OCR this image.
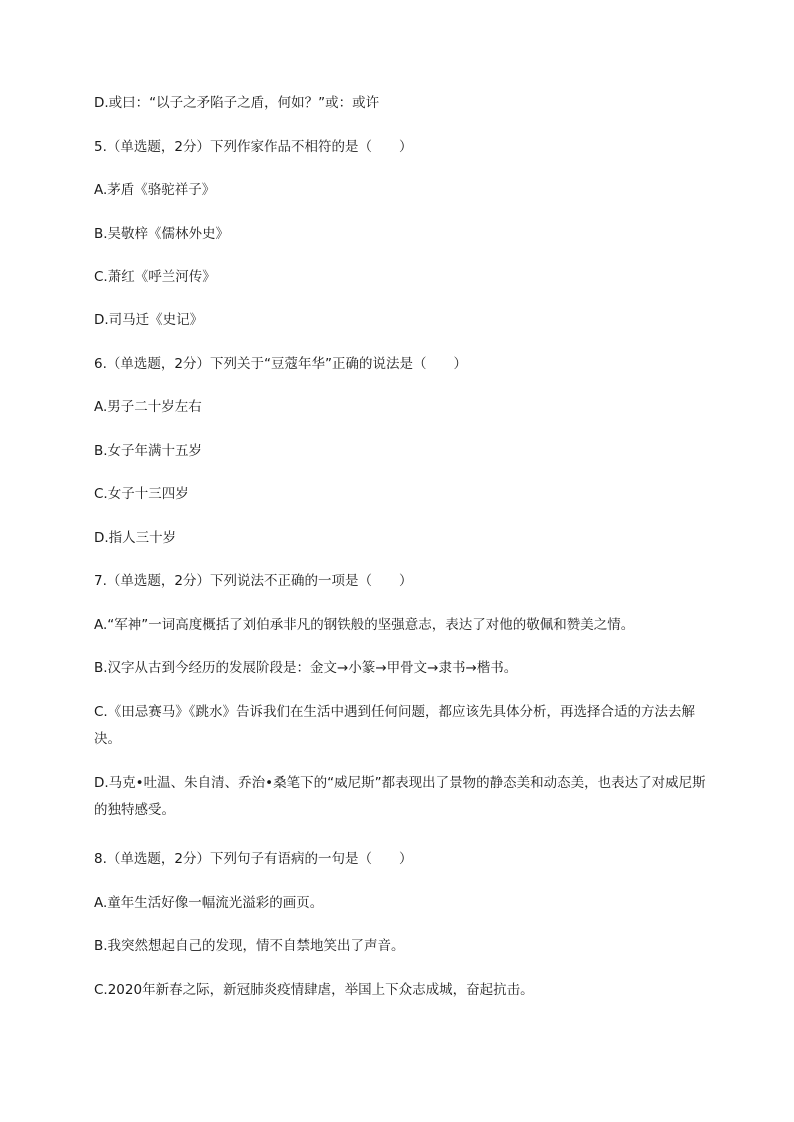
D.或曰：“以子之矛陷子之盾，何如？”或：或许
5.（单选题，2分）下列作家作品不相符的是（　　）
A.茅盾《骆驼祥子》
B.吴敬梓《儒林外史》
C.萧红《呼兰河传》
D.司马迁《史记》
6.（单选题，2分）下列关于“豆蔻年华”正确的说法是（　　）
A.男子二十岁左右
B.女子年满十五岁
C.女子十三四岁
D.指人三十岁
7.（单选题，2分）下列说法不正确的一项是（　　）
A.“军神”一词高度概括了刘伯承非凡的钢铁般的坚强意志，表达了对他的敬佩和赞美之情。
B.汉字从古到今经历的发展阶段是：金文→小篆→甲骨文→隶书→楷书。
C.《田忌赛马》《跳水》告诉我们在生活中遇到任何问题，都应该先具体分析，再选择合适的方法去解决。
D.马克•吐温、朱自清、乔治•桑笔下的“威尼斯”都表现出了景物的静态美和动态美，也表达了对威尼斯的独特感受。
8.（单选题，2分）下列句子有语病的一句是（　　）
A.童年生活好像一幅流光溢彩的画页。
B.我突然想起自己的发现，情不自禁地笑出了声音。
C.2020年新春之际，新冠肺炎疫情肆虐，举国上下众志成城，奋起抗击。
